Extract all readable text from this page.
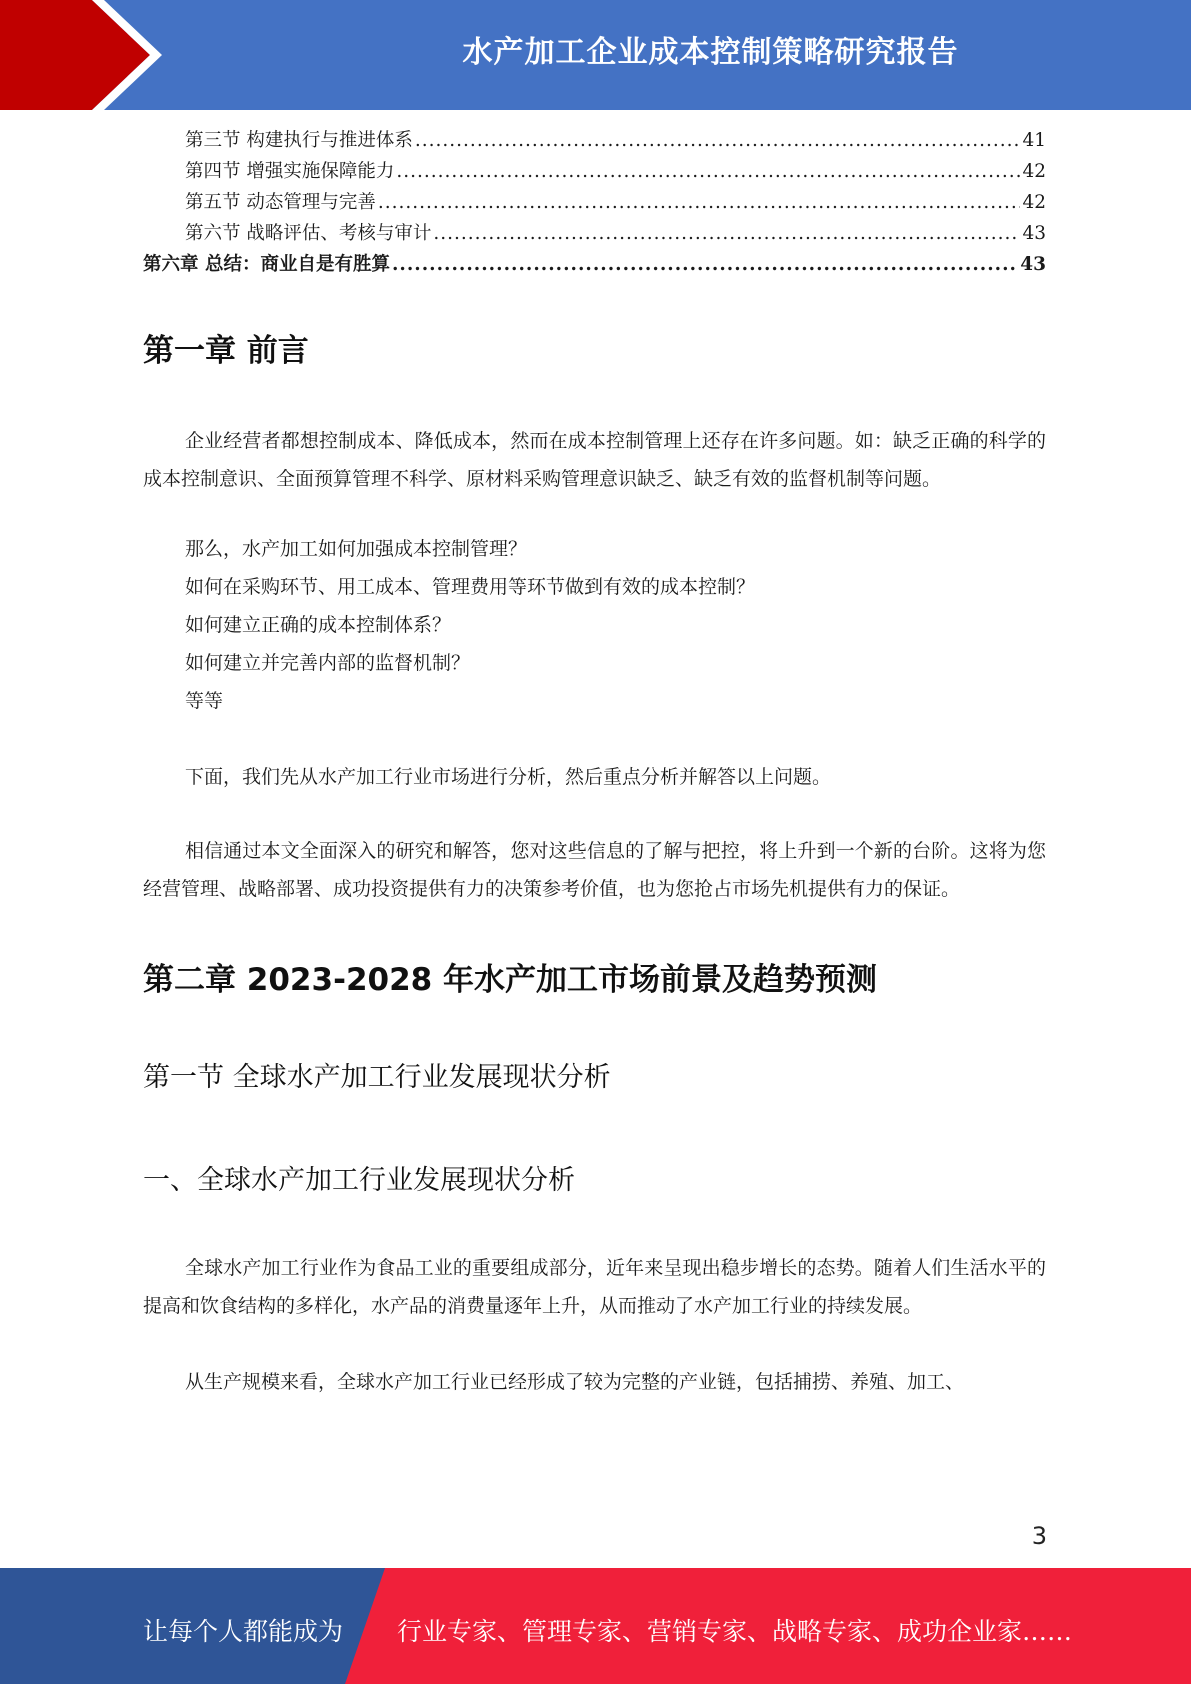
水产加工企业成本控制策略研究报告
第三节 构建执行与推进体系 .....	41
第四节 增强实施保障能力 .....	42
第五节 动态管理与完善 .....	42
第六节 战略评估、考核与审计 .....	43
第六章 总结：商业自是有胜算 .....	43
第一章 前言

企业经营者都想控制成本、降低成本，然而在成本控制管理上还存在许多问题。如：缺乏正确的科学的成本控制意识、全面预算管理不科学、原材料采购管理意识缺乏、缺乏有效的监督机制等问题。

那么，水产加工如何加强成本控制管理？
如何在采购环节、用工成本、管理费用等环节做到有效的成本控制？
如何建立正确的成本控制体系？
如何建立并完善内部的监督机制？
等等

下面，我们先从水产加工行业市场进行分析，然后重点分析并解答以上问题。

相信通过本文全面深入的研究和解答，您对这些信息的了解与把控，将上升到一个新的台阶。这将为您经营管理、战略部署、成功投资提供有力的决策参考价值，也为您抢占市场先机提供有力的保证。

第二章 2023-2028 年水产加工市场前景及趋势预测
第一节 全球水产加工行业发展现状分析
一、全球水产加工行业发展现状分析

全球水产加工行业作为食品工业的重要组成部分，近年来呈现出稳步增长的态势。随着人们生活水平的提高和饮食结构的多样化，水产品的消费量逐年上升，从而推动了水产加工行业的持续发展。

从生产规模来看，全球水产加工行业已经形成了较为完整的产业链，包括捕捞、养殖、加工、

3
让每个人都能成为 行业专家、管理专家、营销专家、战略专家、成功企业家……
